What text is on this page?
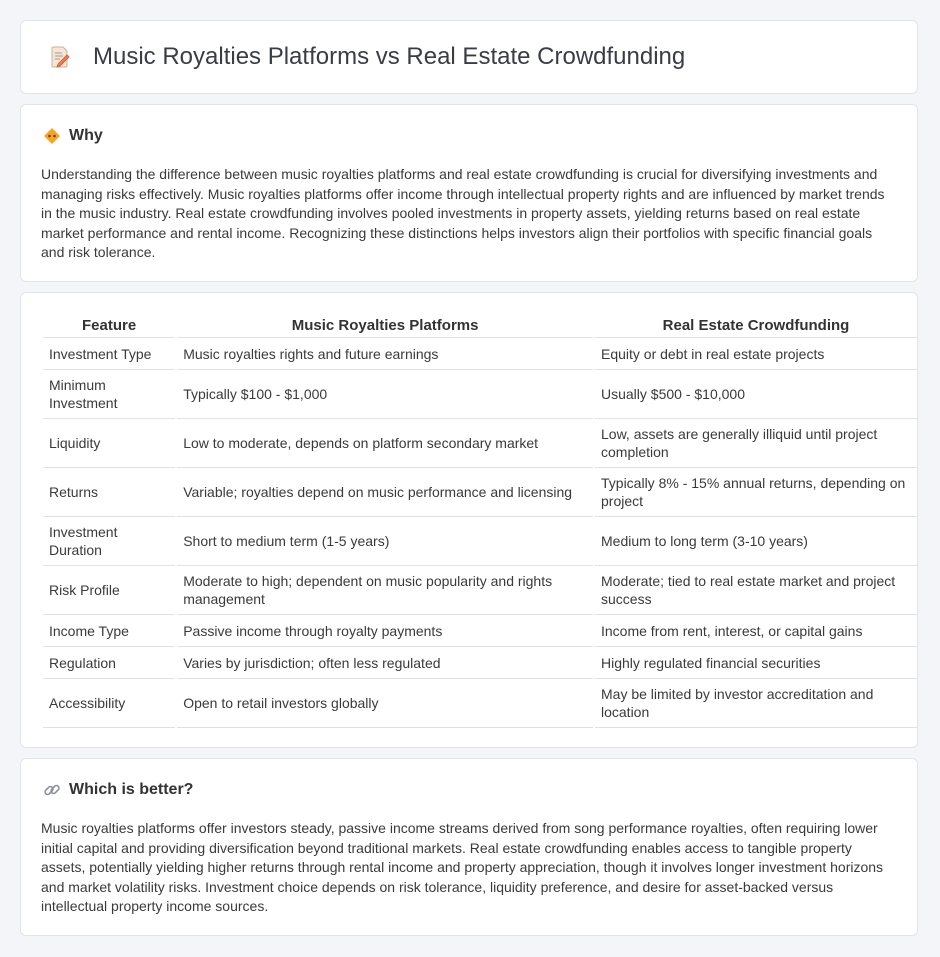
Music Royalties Platforms vs Real Estate Crowdfunding
Why
Understanding the difference between music royalties platforms and real estate crowdfunding is crucial for diversifying investments and managing risks effectively. Music royalties platforms offer income through intellectual property rights and are influenced by market trends in the music industry. Real estate crowdfunding involves pooled investments in property assets, yielding returns based on real estate market performance and rental income. Recognizing these distinctions helps investors align their portfolios with specific financial goals and risk tolerance.
Feature	Music Royalties Platforms	Real Estate Crowdfunding
Investment Type	Music royalties rights and future earnings	Equity or debt in real estate projects
Minimum Investment	Typically $100 - $1,000	Usually $500 - $10,000
Liquidity	Low to moderate, depends on platform secondary market	Low, assets are generally illiquid until project completion
Returns	Variable; royalties depend on music performance and licensing	Typically 8% - 15% annual returns, depending on project
Investment Duration	Short to medium term (1-5 years)	Medium to long term (3-10 years)
Risk Profile	Moderate to high; dependent on music popularity and rights management	Moderate; tied to real estate market and project success
Income Type	Passive income through royalty payments	Income from rent, interest, or capital gains
Regulation	Varies by jurisdiction; often less regulated	Highly regulated financial securities
Accessibility	Open to retail investors globally	May be limited by investor accreditation and location
Which is better?
Music royalties platforms offer investors steady, passive income streams derived from song performance royalties, often requiring lower initial capital and providing diversification beyond traditional markets. Real estate crowdfunding enables access to tangible property assets, potentially yielding higher returns through rental income and property appreciation, though it involves longer investment horizons and market volatility risks. Investment choice depends on risk tolerance, liquidity preference, and desire for asset-backed versus intellectual property income sources.
